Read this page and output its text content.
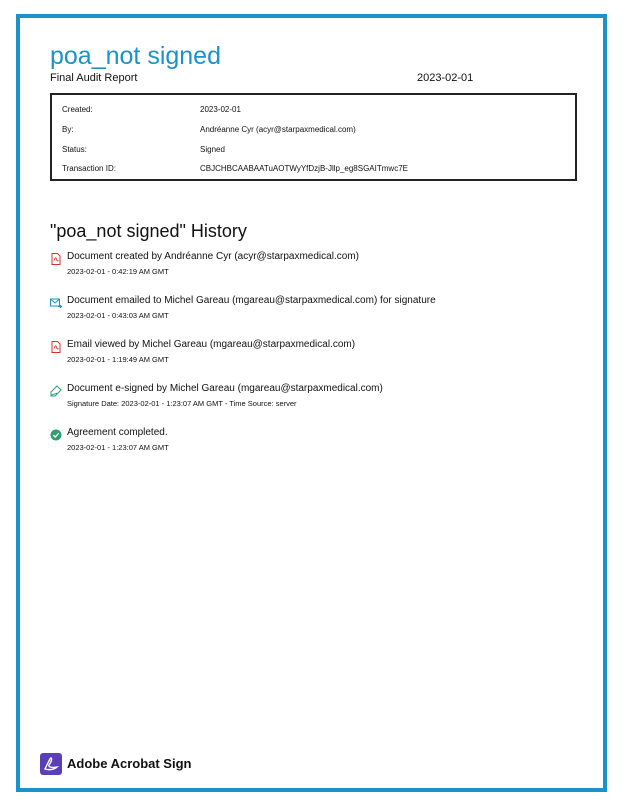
poa_not signed
Final Audit Report	2023-02-01
Created:	2023-02-01
By:	Andréanne Cyr (acyr@starpaxmedical.com)
Status:	Signed
Transaction ID:	CBJCHBCAABAATuAOTWyYfDzjB-Jllp_eg8SGAITmwc7E
"poa_not signed" History
Document created by Andréanne Cyr (acyr@starpaxmedical.com)
2023-02-01 - 0:42:19 AM GMT
Document emailed to Michel Gareau (mgareau@starpaxmedical.com) for signature
2023-02-01 - 0:43:03 AM GMT
Email viewed by Michel Gareau (mgareau@starpaxmedical.com)
2023-02-01 - 1:19:49 AM GMT
Document e-signed by Michel Gareau (mgareau@starpaxmedical.com)
Signature Date: 2023-02-01 - 1:23:07 AM GMT - Time Source: server
Agreement completed.
2023-02-01 - 1:23:07 AM GMT
Adobe Acrobat Sign
